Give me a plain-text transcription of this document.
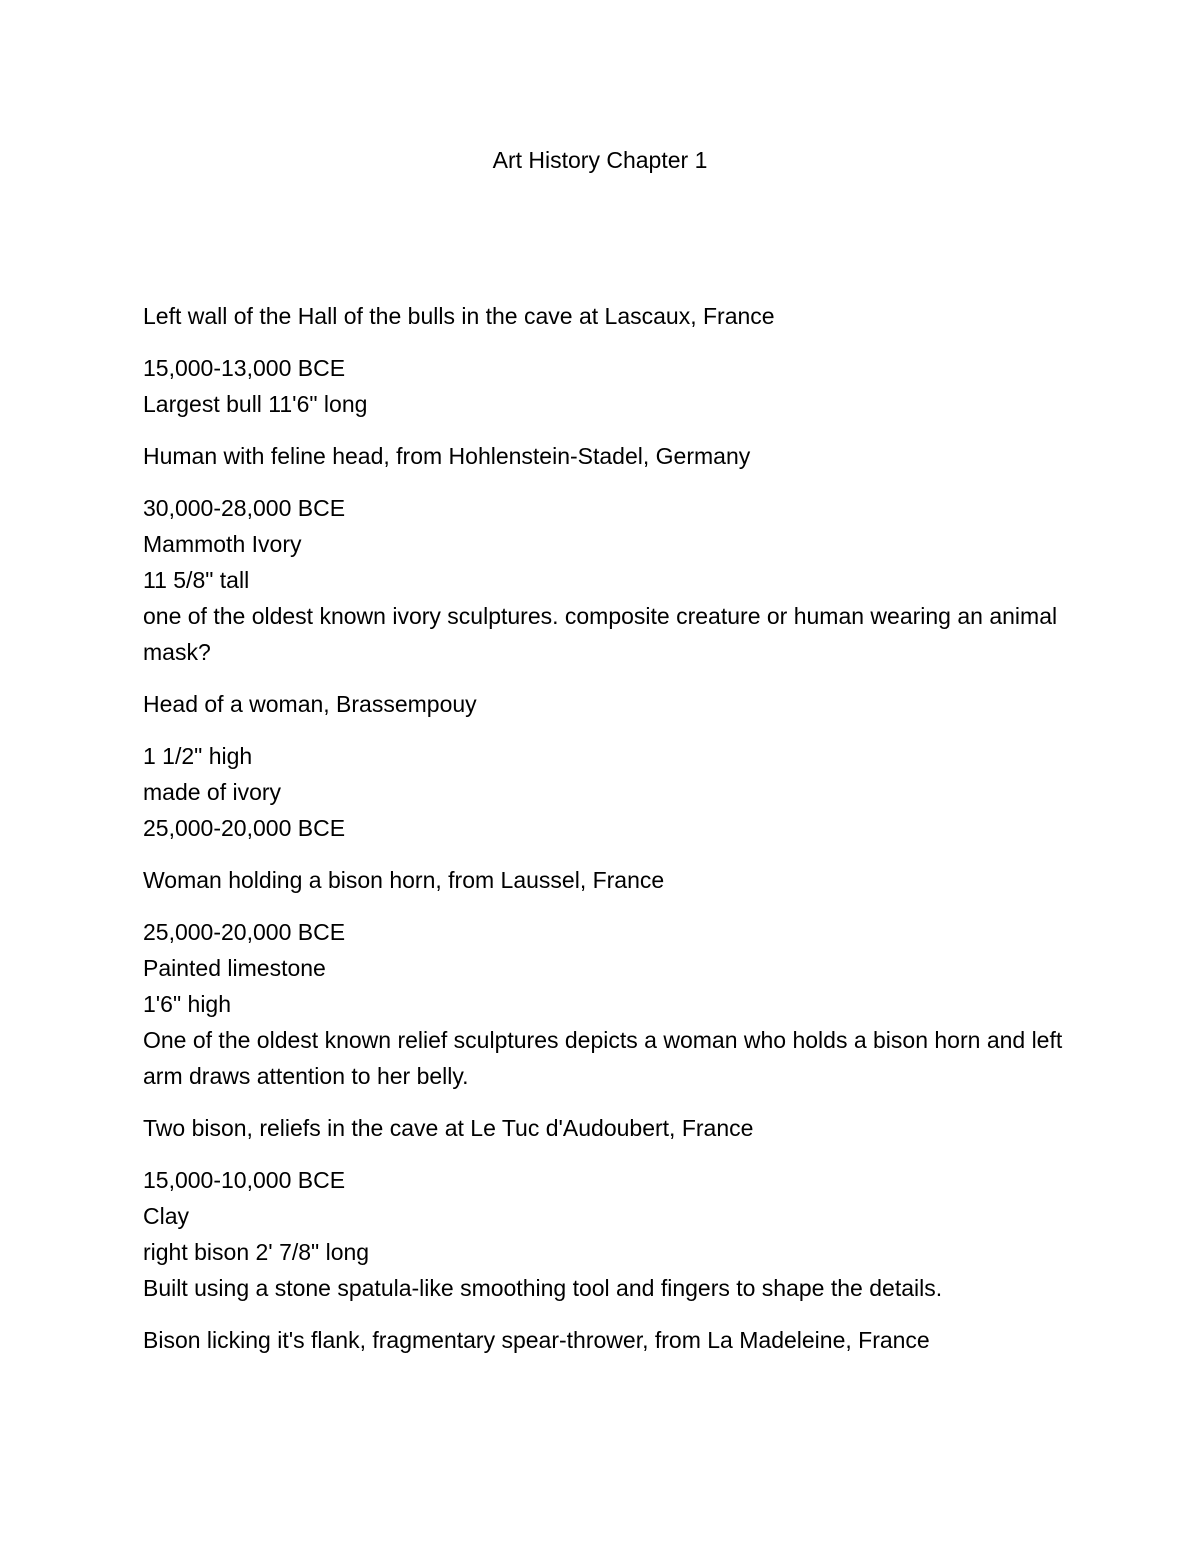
Art History Chapter 1

Left wall of the Hall of the bulls in the cave at Lascaux, France

15,000-13,000 BCE
Largest bull 11'6" long

Human with feline head, from Hohlenstein-Stadel, Germany

30,000-28,000 BCE
Mammoth Ivory
11 5/8" tall
one of the oldest known ivory sculptures. composite creature or human wearing an animal mask?

Head of a woman, Brassempouy

1 1/2" high
made of ivory
25,000-20,000 BCE

Woman holding a bison horn, from Laussel, France

25,000-20,000 BCE
Painted limestone
1'6" high
One of the oldest known relief sculptures depicts a woman who holds a bison horn and left arm draws attention to her belly.

Two bison, reliefs in the cave at Le Tuc d'Audoubert, France

15,000-10,000 BCE
Clay
right bison 2' 7/8" long
Built using a stone spatula-like smoothing tool and fingers to shape the details.

Bison licking it's flank, fragmentary spear-thrower, from La Madeleine, France
